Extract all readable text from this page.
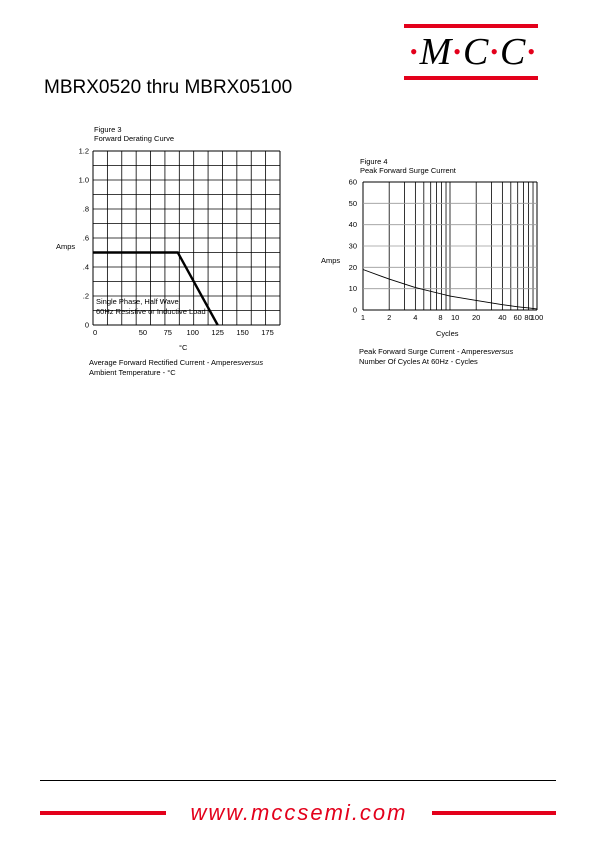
• M • C • C •
MBRX0520 thru MBRX05100
Figure 3
Forward Derating Curve
Amps
°C
0
.2
.4
.6
.8
1.0
1.2
0	50 75 100 125 150 175
Single Phase, Half Wave
60Hz Resistive or Inductive Load
Average Forward Rectified Current - Amperesversus
Ambient Temperature - °C
Figure 4
Peak Forward Surge Current
Amps
Cycles
0
10
20
30
40
50
60
1	2	4	8 10 20 40 60 80
100
Peak Forward Surge Current - Amperesversus
Number Of Cycles At 60Hz - Cycles
www.mccsemi.com
